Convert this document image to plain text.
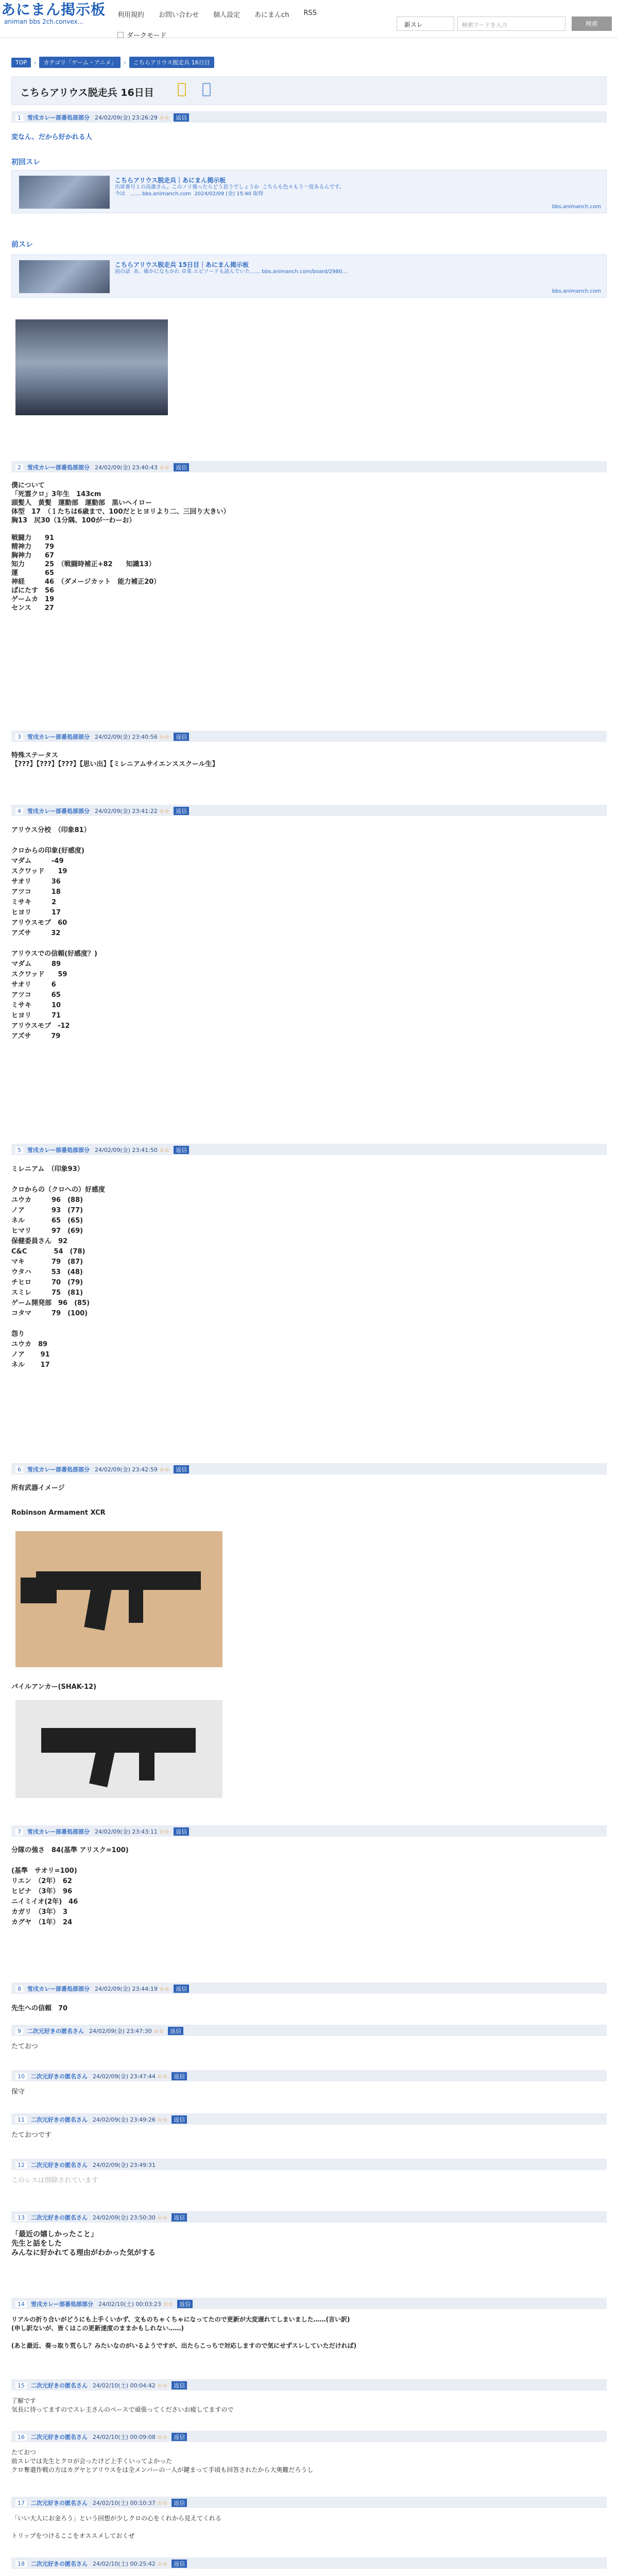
あにまん掲示板
animan bbs 2ch.convex...
利用規約 お問い合わせ 個人設定 あにまんch RSS
ダークモード
新スレ	検索ワードを入力	検索
TOP	›	カテゴリ「ゲーム・アニメ」	›	こちらアリウス脱走兵 16日目
こちらアリウス脱走兵 16日目
1 雪戌カレー部番処部部分 24/02/09(金) 23:26:29 ☆☆ 返信
変なん、だから好かれる人
初回スレ
こちらアリウス脱走兵｜あにまん掲示板
出席番号１の高雄さん。このノリ後ったらどう思うでしょうか  こちらも色々もう一度あるんです。
今は　…… bbs.animanch.com  2024/02/09 (金) 15:40 取得
bbs.animanch.com
前スレ
こちらアリウス脱走兵 15日目｜あにまん掲示板
前の話  あ、確かになもかれ 卓業 エピソードも読んでいた…… bbs.animanch.com/board/2980…
bbs.animanch.com
2 雪戌カレー部番処部部分 24/02/09(金) 23:40:43 ☆☆ 返信
僕について
「死霊クロ」3年生　143cm
頭髪人　黄髪　運動部　運動部　黒いヘイロー
体型　17　（１たちは6歳まで、100だとヒヨリより二、三回り大きい）
胸13　尻30（1分隅、100が一わーお）

戦闘力　　91
精神力　　79
胸神力　　67
知力　　　25　（戦闘時補正+82　　知識13）
運　　　　65
神経　　　46　（ダメージカット　能力補正20）
ぱにたす　56
ゲームカ　19
センス　　27
3 雪戌カレー部番処部部分 24/02/09(金) 23:40:56 ☆☆ 返信
特殊ステータス
【???】【???】【???】【思い出】【ミレニアムサイエンススクール生】
4 雪戌カレー部番処部部分 24/02/09(金) 23:41:22 ☆☆ 返信
アリウス分校　（印象81）

クロからの印象(好感度)
マダム　　　-49
スクワッド　　19
サオリ　　　36
アツコ　　　18
ミサキ　　　2
ヒヨリ　　　17
アリウスモブ　60
アズサ　　　32

アリウスでの信頼(好感度？)
マダム　　　89
スクワッド　　59
サオリ　　　6
アツコ　　　65
ミサキ　　　10
ヒヨリ　　　71
アリウスモブ　-12
アズサ　　　79
5 雪戌カレー部番処部部分 24/02/09(金) 23:41:50 ☆☆ 返信
ミレニアム　（印象93）

クロからの（クロへの）好感度
ユウカ　　　96　(88)
ノア　　　　93　(77)
ネル　　　　65　(65)
ヒマリ　　　97　(69)
保健委員さん　92
C&C　　　　54　(78)
マキ　　　　79　(87)
ウタハ　　　53　(48)
チヒロ　　　70　(79)
スミレ　　　75　(81)
ゲーム開発部　96　(85)
コタマ　　　79　(100)

怨り
ユウカ　89
ノア　　 91
ネル　　 17
6 雪戌カレー部番処部部分 24/02/09(金) 23:42:59 ☆☆ 返信
所有武器イメージ
Robinson Armament XCR
パイルアンカー(SHAK-12)
7 雪戌カレー部番処部部分 24/02/09(金) 23:43:11 ☆☆ 返信
分隊の強さ　84(基準 アリスク=100)

(基準　サオリ=100)
リエン　（2年）　62
ヒビナ　（3年）　96
ニイミイオ(2年)　46
カガリ　（3年）　3
カグヤ　（1年）　24
8 雪戌カレー部番処部部分 24/02/09(金) 23:44:19 ☆☆ 返信
先生への信頼　70
9 二次元好きの匿名さん 24/02/09(金) 23:47:30 ☆☆ 返信
たておつ
10 二次元好きの匿名さん 24/02/09(金) 23:47:44 ☆☆ 返信
保守
11 二次元好きの匿名さん 24/02/09(金) 23:49:26 ☆☆ 返信
たておつです
12 二次元好きの匿名さん 24/02/09(金) 23:49:31
このレスは削除されています
13 二次元好きの匿名さん 24/02/09(金) 23:50:30 ☆☆ 返信
「最近の嬉しかったこと」
先生と話をした
みんなに好かれてる理由がわかった気がする
14 雪戌カレー部番処部部分 24/02/10(土) 00:03:23 ☆☆ 返信
リアルの折り合いがどうにも上手くいかず、文ものちゃくちゃになってたので更新が大変遅れてしまいました……(言い訳)
(申し訳ないが、皆くはこの更新速度のままかもしれない……)

(あと最近、奏っ取り荒らし？みたいなのがいるようですが、出たらこっちで対応しますので気にせずスレしていただければ)
15 二次元好きの匿名さん 24/02/10(土) 00:04:42 ☆☆ 返信
了解です
気長に待ってますのでスレ主さんのペースで頑張ってくださいお疲してますので
16 二次元好きの匿名さん 24/02/10(土) 00:09:08 ☆☆ 返信
たておつ
前スレでは先生とクロが会ったけど上手くいってよかった
クロ奪還作戦の方はカグヤとアリウスをは全メンバーの一人が鍵まって手頃も回答されたから大奥難だろうし
17 二次元好きの匿名さん 24/02/10(土) 00:10:37 ☆☆ 返信
「いい大人にお金ろう」という回想が少しクロの心をくれから見えてくれる

トリップをつけるここをオススメしておくぜ
18 二次元好きの匿名さん 24/02/10(土) 00:25:42 ☆☆ 返信
